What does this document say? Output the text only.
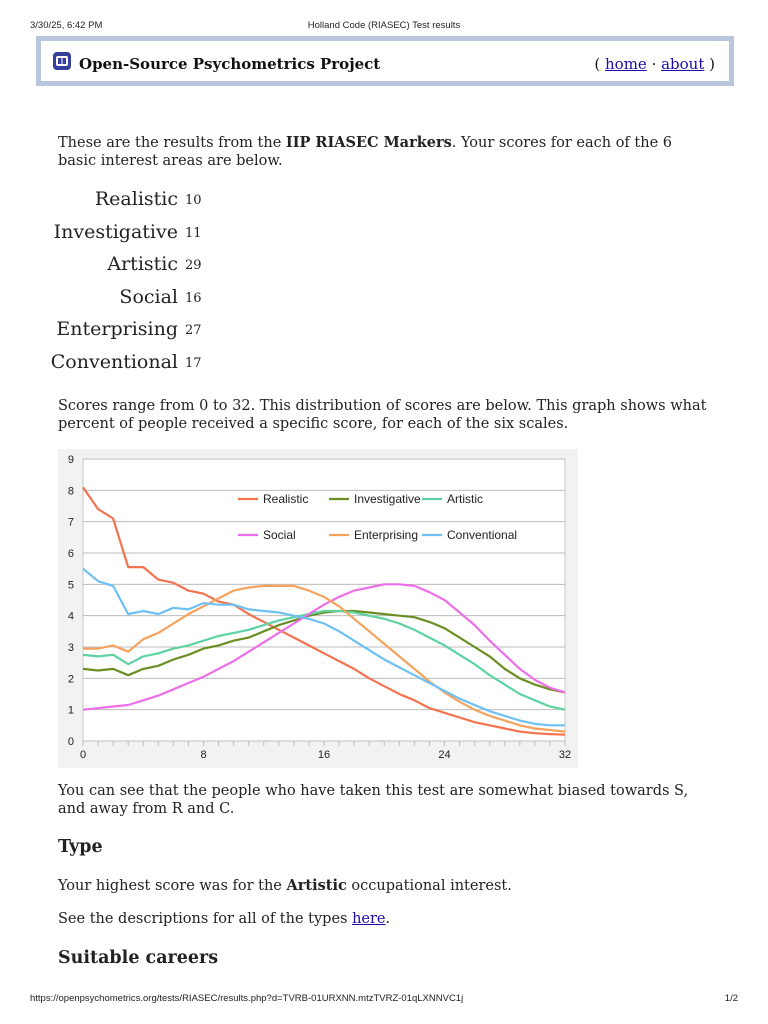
3/30/25, 6:42 PM	Holland Code (RIASEC) Test results
Open-Source Psychometrics Project	( home · about )
These are the results from the IIP RIASEC Markers. Your scores for each of the 6 basic interest areas are below.
Realistic 10
Investigative 11
Artistic 29
Social 16
Enterprising 27
Conventional 17
Scores range from 0 to 32. This distribution of scores are below. This graph shows what percent of people received a specific score, for each of the six scales.
0
1
2
3
4
5
6
7
8
9
0	8	16	24	32
Realistic	Investigative Artistic
Social	Enterprising Conventional
You can see that the people who have taken this test are somewhat biased towards S, and away from R and C.
Type
Your highest score was for the Artistic occupational interest.
See the descriptions for all of the types here.
Suitable careers
https://openpsychometrics.org/tests/RIASEC/results.php?d=TVRB-01URXNN.mtzTVRZ-01qLXNNVC1j	1/2
